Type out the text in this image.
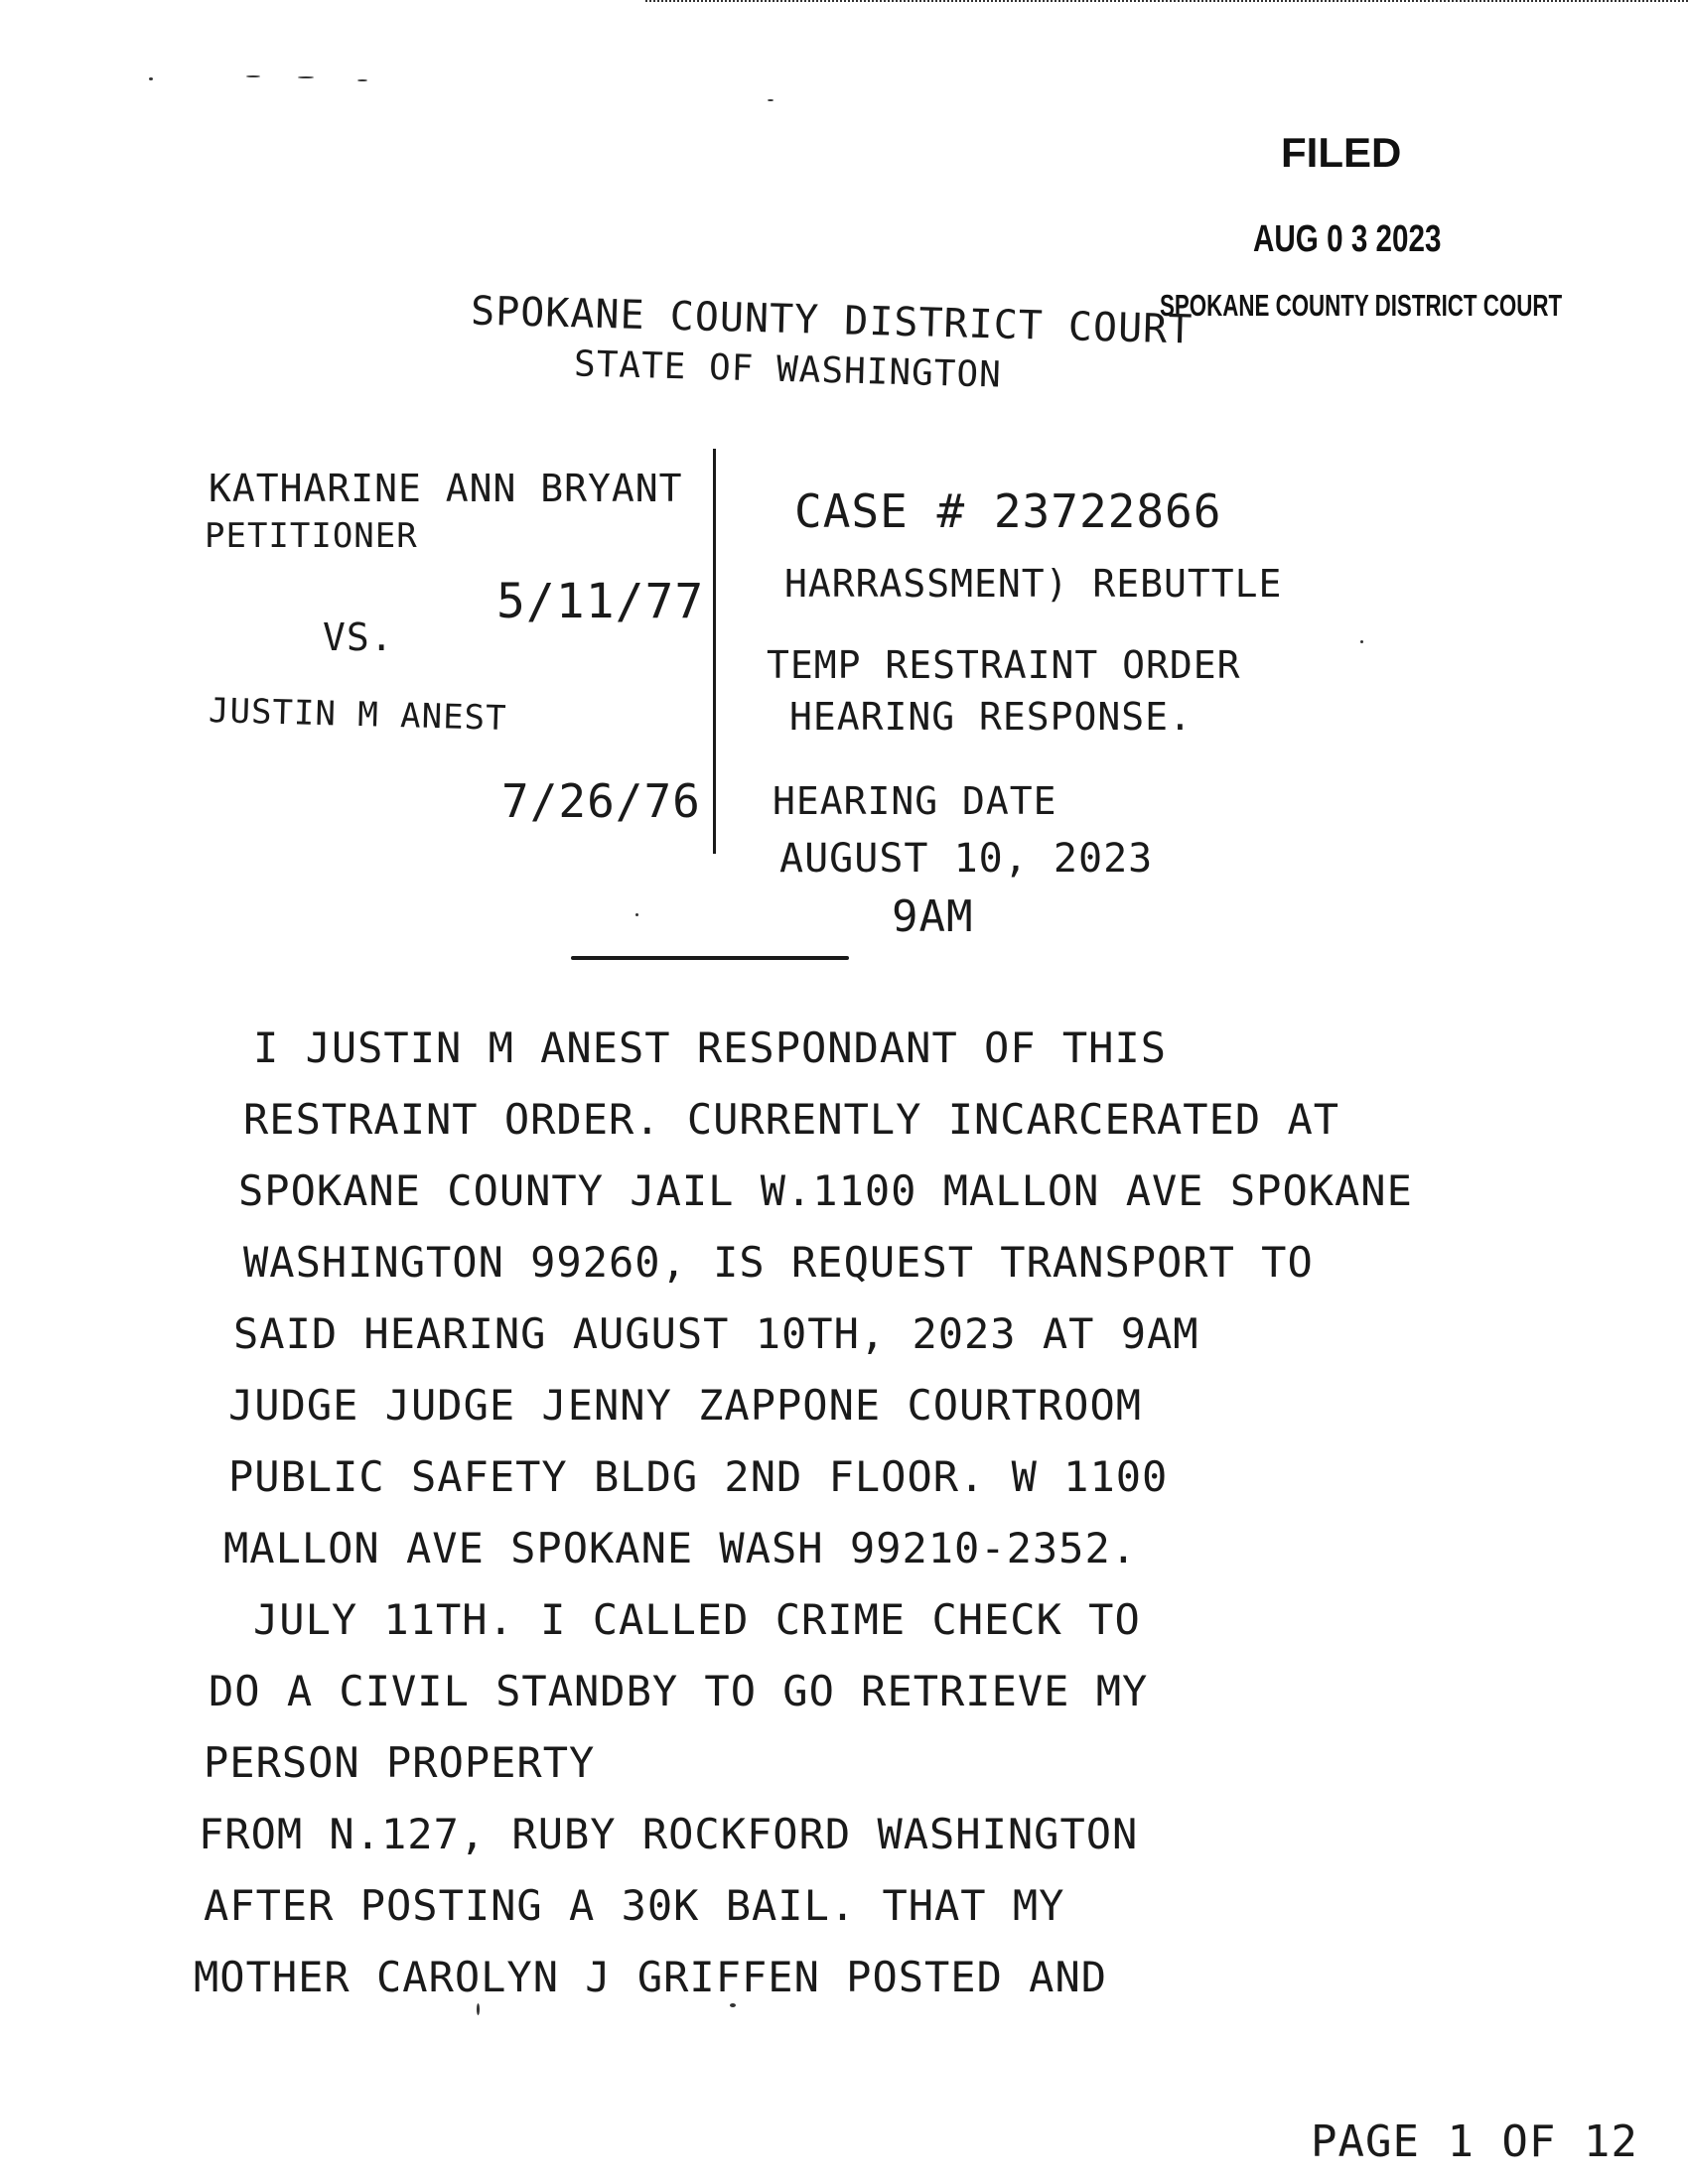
FILED
AUG 0 3 2023
SPOKANE COUNTY DISTRICT COURT
SPOKANE COUNTY DISTRICT COURT
STATE OF WASHINGTON
KATHARINE ANN BRYANT
PETITIONER
5/11/77
VS.
JUSTIN M ANEST
7/26/76
CASE # 23722866
HARRASSMENT) REBUTTLE
TEMP RESTRAINT ORDER
HEARING RESPONSE.
HEARING DATE
AUGUST 10, 2023
9AM
I JUSTIN M ANEST RESPONDANT OF THIS
RESTRAINT ORDER. CURRENTLY INCARCERATED AT
SPOKANE COUNTY JAIL W.1100 MALLON AVE SPOKANE
WASHINGTON 99260, IS REQUEST TRANSPORT TO
SAID HEARING AUGUST 10TH, 2023 AT 9AM
JUDGE JUDGE JENNY ZAPPONE COURTROOM
PUBLIC SAFETY BLDG 2ND FLOOR. W 1100
MALLON AVE SPOKANE WASH 99210-2352.
JULY 11TH. I CALLED CRIME CHECK TO
DO A CIVIL STANDBY TO GO RETRIEVE MY
PERSON PROPERTY
FROM N.127, RUBY ROCKFORD WASHINGTON
AFTER POSTING A 30K BAIL. THAT MY
MOTHER CAROLYN J GRIFFEN POSTED AND
PAGE 1 OF 12
